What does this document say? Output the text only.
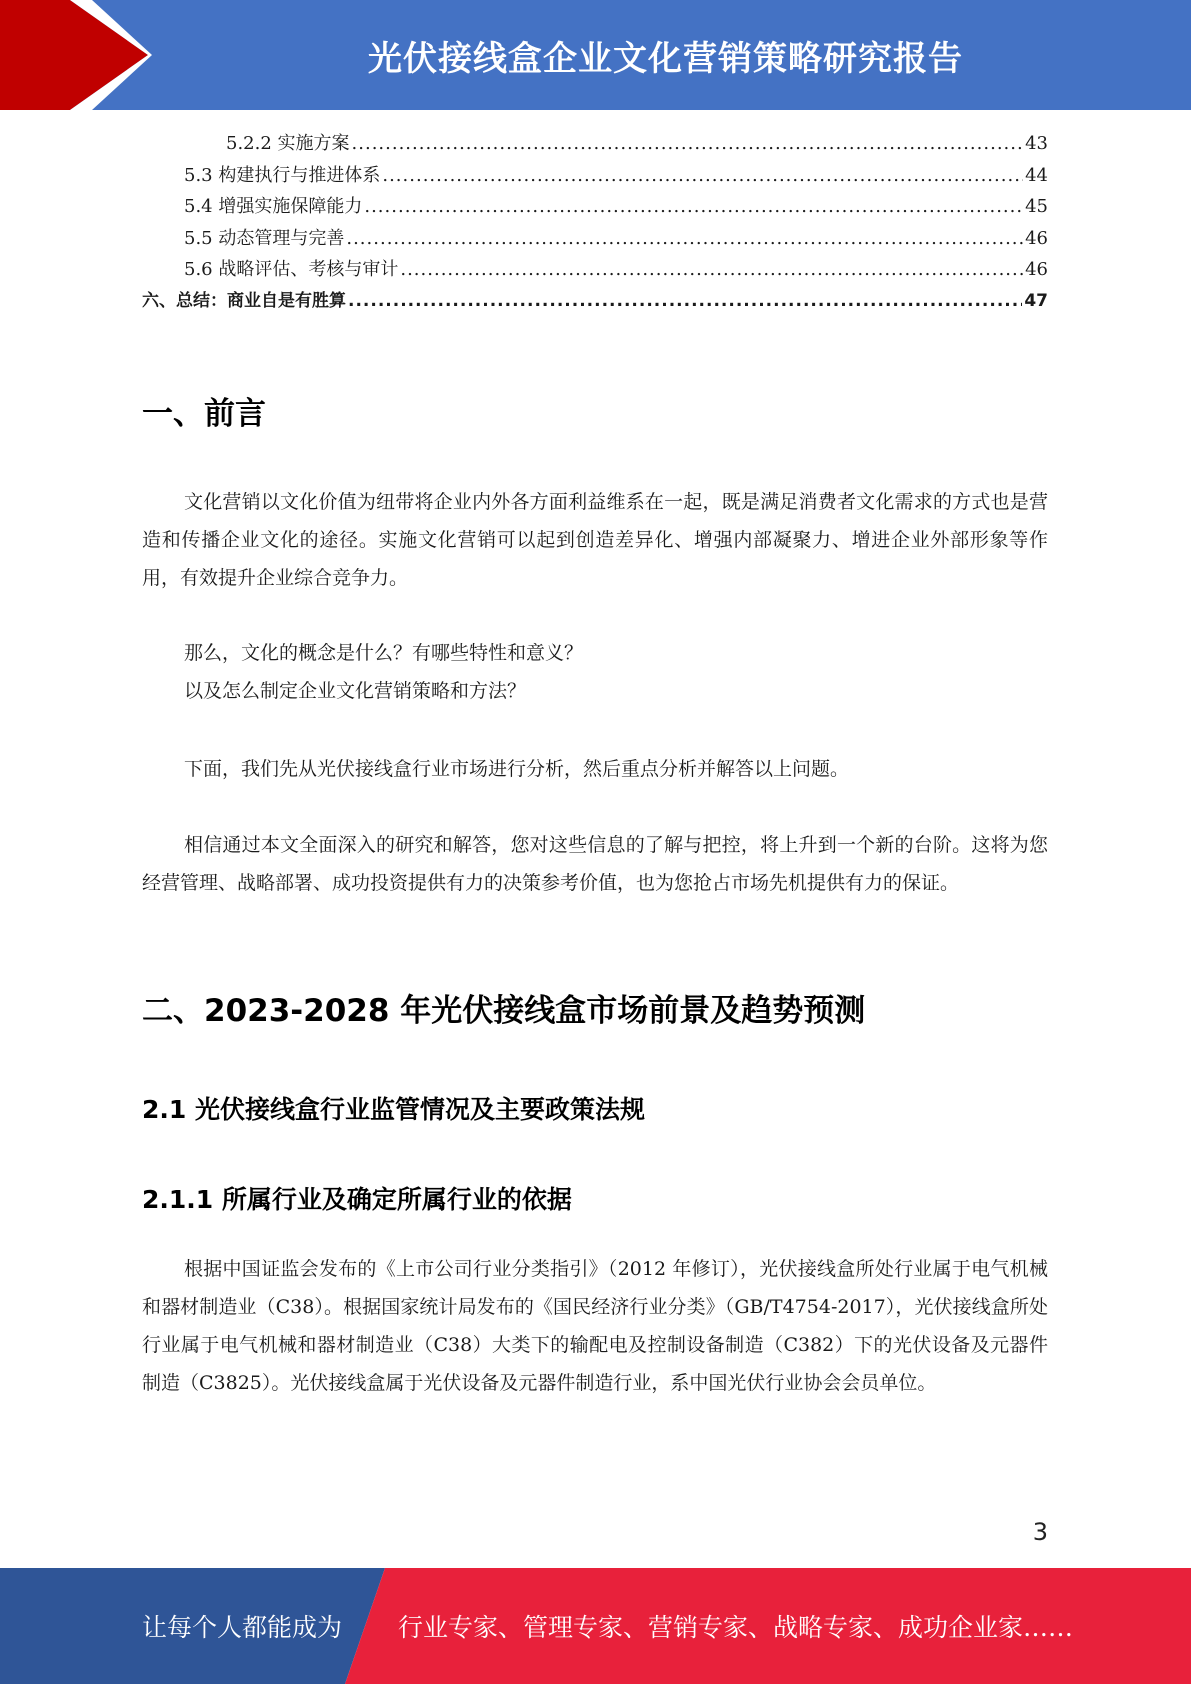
光伏接线盒企业文化营销策略研究报告
5.2.2 实施方案 .....	43
5.3 构建执行与推进体系 .....	44
5.4 增强实施保障能力 .....	45
5.5 动态管理与完善 .....	46
5.6 战略评估、考核与审计 .....	46
六、总结：商业自是有胜算 .....	47
一、前言

文化营销以文化价值为纽带将企业内外各方面利益维系在一起，既是满足消费者文化需求的方式也是营造和传播企业文化的途径。实施文化营销可以起到创造差异化、增强内部凝聚力、增进企业外部形象等作用，有效提升企业综合竞争力。

那么，文化的概念是什么？有哪些特性和意义？

以及怎么制定企业文化营销策略和方法？

下面，我们先从光伏接线盒行业市场进行分析，然后重点分析并解答以上问题。

相信通过本文全面深入的研究和解答，您对这些信息的了解与把控，将上升到一个新的台阶。这将为您经营管理、战略部署、成功投资提供有力的决策参考价值，也为您抢占市场先机提供有力的保证。

二、2023-2028 年光伏接线盒市场前景及趋势预测
2.1 光伏接线盒行业监管情况及主要政策法规
2.1.1 所属行业及确定所属行业的依据

根据中国证监会发布的《上市公司行业分类指引》（2012 年修订），光伏接线盒所处行业属于电气机械和器材制造业（C38）。根据国家统计局发布的《国民经济行业分类》（GB/T4754-2017），光伏接线盒所处行业属于电气机械和器材制造业（C38）大类下的输配电及控制设备制造（C382）下的光伏设备及元器件制造（C3825）。光伏接线盒属于光伏设备及元器件制造行业，系中国光伏行业协会会员单位。

3
让每个人都能成为 行业专家、管理专家、营销专家、战略专家、成功企业家……
